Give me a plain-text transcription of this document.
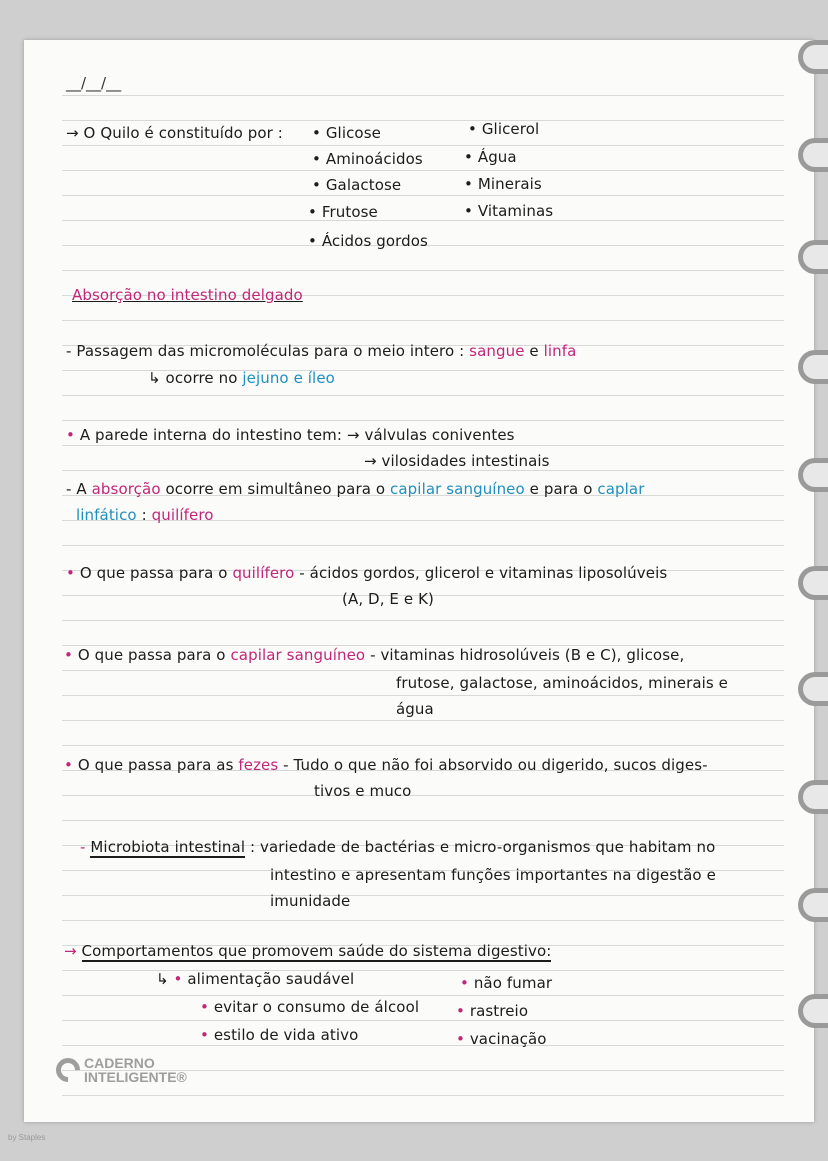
__/__/__
→ O Quilo é constituído por : • Glicose
• Aminoácidos
• Galactose
• Frutose
• Ácidos gordos
• Glicerol
• Água
• Minerais
• Vitaminas
Absorção no intestino delgado
- Passagem das micromoléculas para o meio intero : sangue e linfa
↳ ocorre no jejuno e íleo
• A parede interna do intestino tem: → válvulas coniventes
→ vilosidades intestinais
- A absorção ocorre em simultâneo para o capilar sanguíneo e para o caplar
linfático : quilífero
• O que passa para o quilífero - ácidos gordos, glicerol e vitaminas liposolúveis
(A, D, E e K)
• O que passa para o capilar sanguíneo - vitaminas hidrosolúveis (B e C), glicose,
frutose, galactose, aminoácidos, minerais e
água
• O que passa para as fezes - Tudo o que não foi absorvido ou digerido, sucos diges-
tivos e muco
- Microbiota intestinal : variedade de bactérias e micro-organismos que habitam no
intestino e apresentam funções importantes na digestão e
imunidade
→ Comportamentos que promovem saúde do sistema digestivo:
↳ • alimentação saudável
• evitar o consumo de álcool
• estilo de vida ativo
• não fumar
• rastreio
• vacinação
CADERNO
INTELIGENTE®
by Staples
